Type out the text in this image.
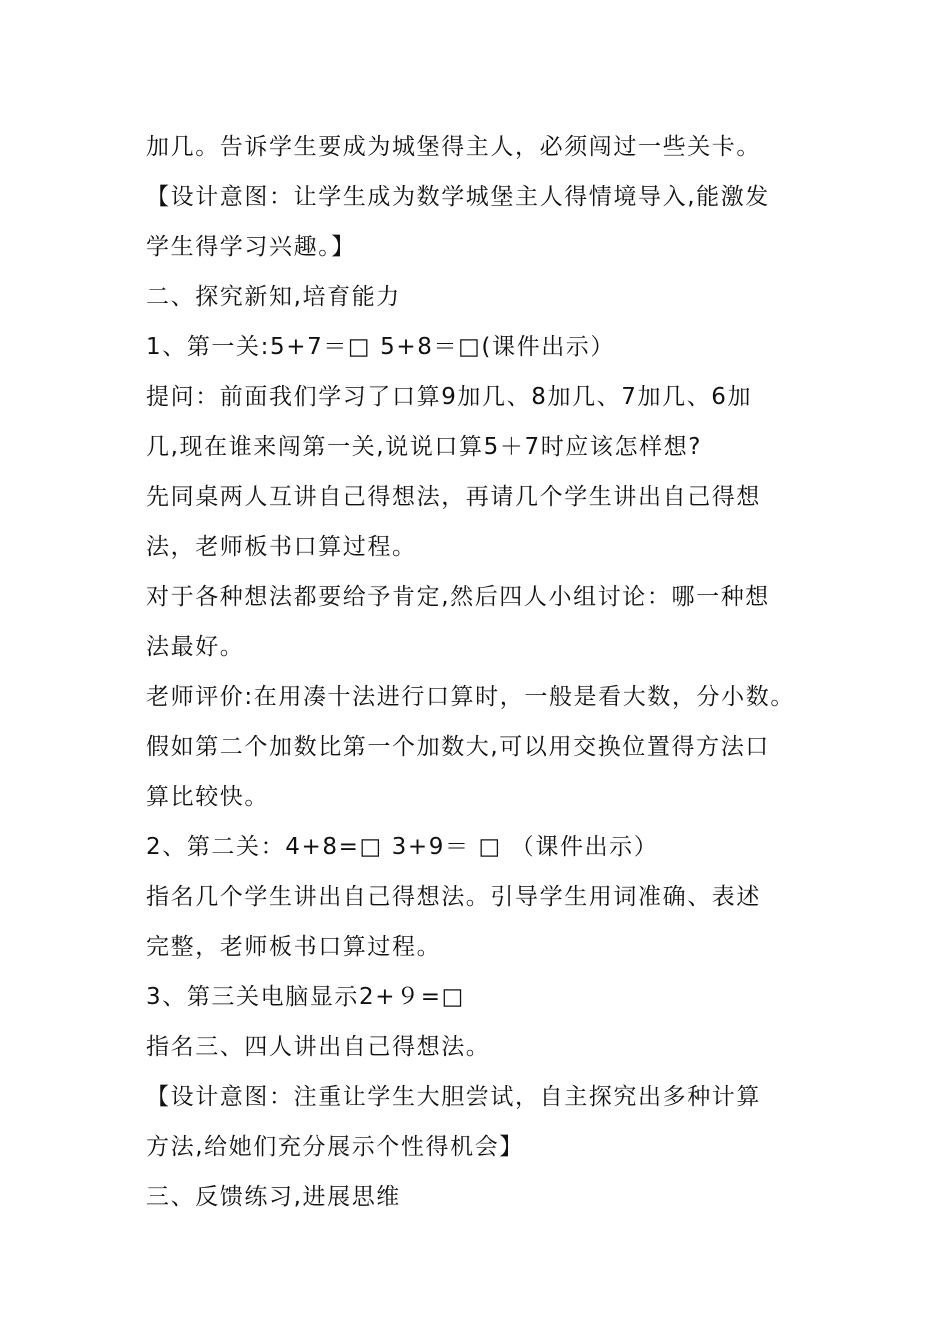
加几。告诉学生要成为城堡得主人，必须闯过一些关卡。
【设计意图：让学生成为数学城堡主人得情境导入,能激发
学生得学习兴趣。】
二、探究新知,培育能力
1、第一关:5+7＝□ 5+8＝□(课件出示）
提问：前面我们学习了口算9加几、8加几、7加几、6加
几,现在谁来闯第一关,说说口算5＋7时应该怎样想?
先同桌两人互讲自己得想法，再请几个学生讲出自己得想
法，老师板书口算过程。
对于各种想法都要给予肯定,然后四人小组讨论：哪一种想
法最好。
老师评价:在用凑十法进行口算时，一般是看大数，分小数。
假如第二个加数比第一个加数大,可以用交换位置得方法口
算比较快。
2、第二关：4+8=□ 3+9＝ □ （课件出示）
指名几个学生讲出自己得想法。引导学生用词准确、表述
完整，老师板书口算过程。
3、第三关电脑显示2+９=□
指名三、四人讲出自己得想法。
【设计意图：注重让学生大胆尝试，自主探究出多种计算
方法,给她们充分展示个性得机会】
三、反馈练习,进展思维
